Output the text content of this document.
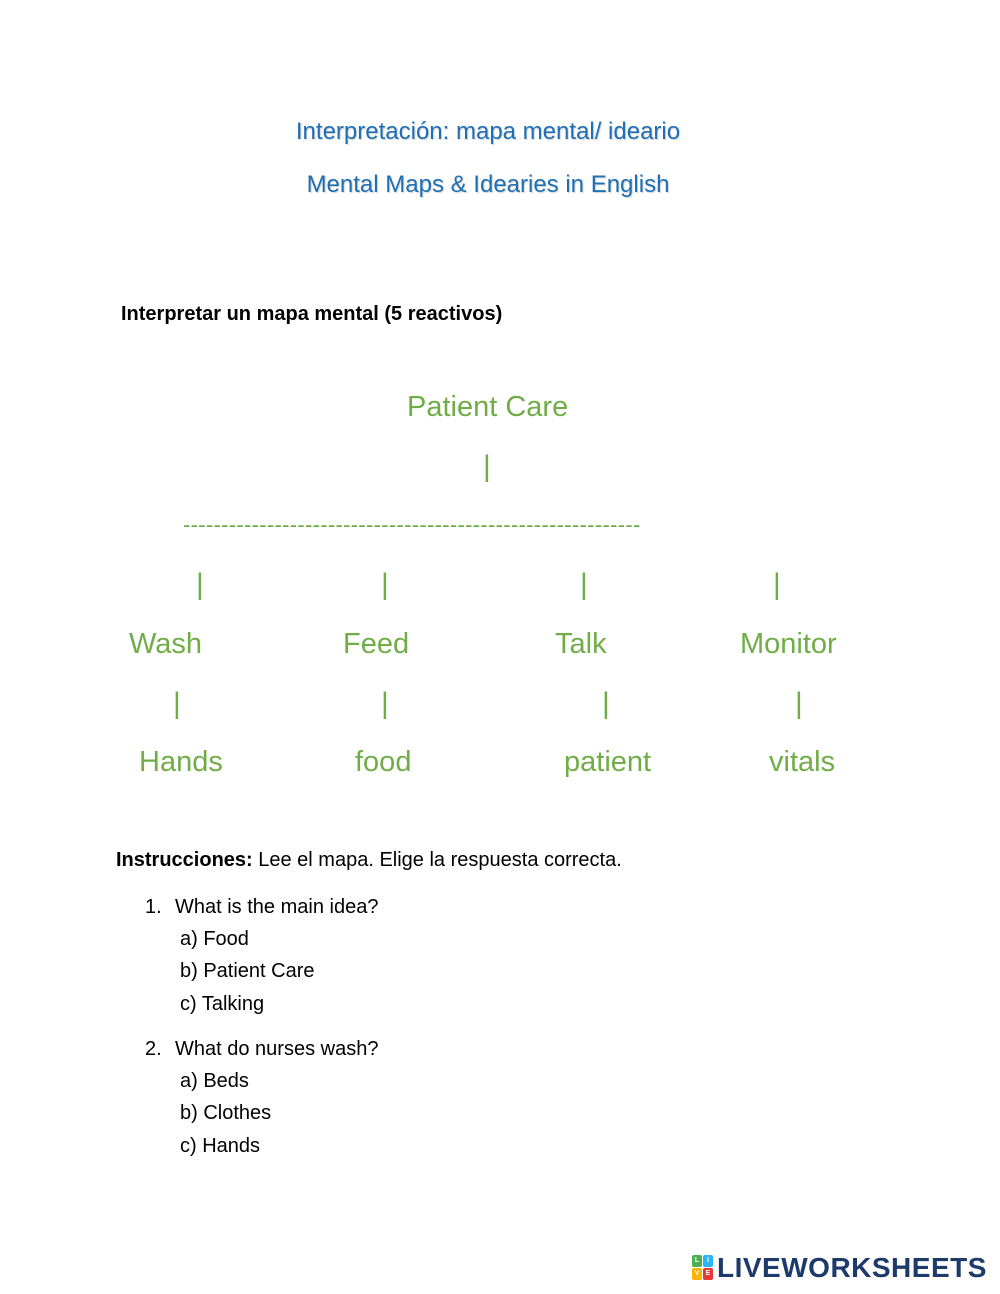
Interpretación: mapa mental/ ideario
Mental Maps & Idearies in English
Interpretar un mapa mental (5 reactivos)
Patient Care
|
------------------------------------------------------------
|	|	|	|
Wash	Feed	Talk	Monitor
|	|	|	|
Hands	food	patient	vitals
Instrucciones: Lee el mapa. Elige la respuesta correcta.
1. What is the main idea?
a) Food
b) Patient Care
c) Talking
2. What do nurses wash?
a) Beds
b) Clothes
c) Hands
L	I
V E LIVEWORKSHEETS
